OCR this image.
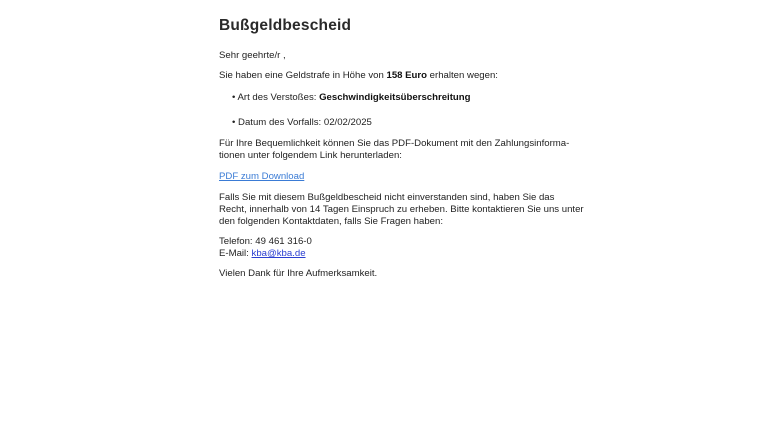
Bußgeldbescheid
Sehr geehrte/r ,
Sie haben eine Geldstrafe in Höhe von 158 Euro erhalten wegen:
• Art des Verstoßes: Geschwindigkeitsüberschreitung
• Datum des Vorfalls: 02/02/2025
Für Ihre Bequemlichkeit können Sie das PDF-Dokument mit den Zahlungsinforma-
tionen unter folgendem Link herunterladen:
PDF zum Download
Falls Sie mit diesem Bußgeldbescheid nicht einverstanden sind, haben Sie das
Recht, innerhalb von 14 Tagen Einspruch zu erheben. Bitte kontaktieren Sie uns unter
den folgenden Kontaktdaten, falls Sie Fragen haben:
Telefon: 49 461 316-0
E-Mail: kba@kba.de
Vielen Dank für Ihre Aufmerksamkeit.
